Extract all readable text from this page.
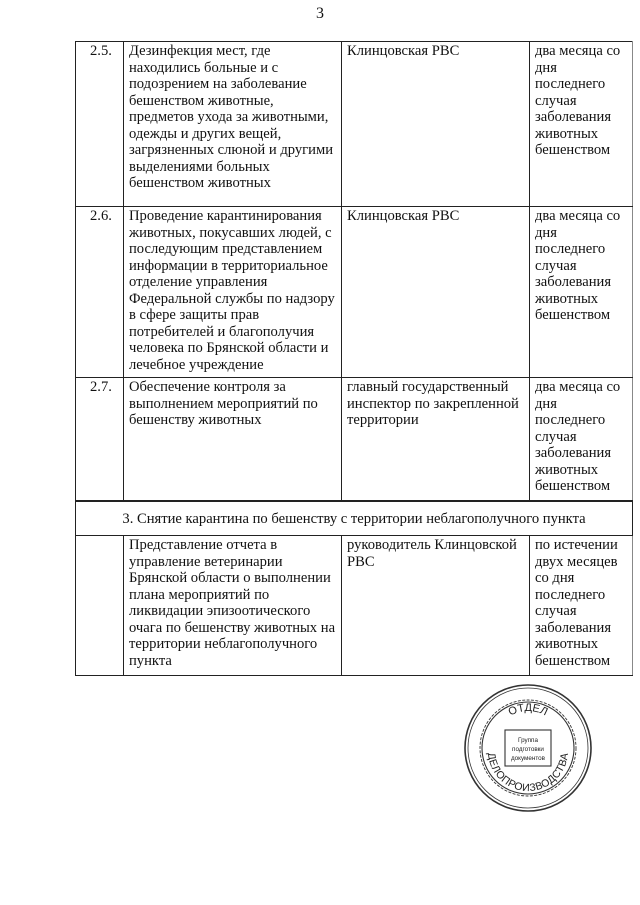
3
2.5.	Дезинфекция мест, где находились больные и с подозрением на заболевание бешенством животные, предметов ухода за животными, одежды и других вещей, загрязненных слюной и другими выделениями больных бешенством животных	Клинцовская РВС	два месяца со дня последнего случая заболевания животных бешенством
2.6.	Проведение карантинирования животных, покусавших людей, с последующим представлением информации в территориальное отделение управления Федеральной службы по надзору в сфере защиты прав потребителей и благополучия человека по Брянской области и лечебное учреждение	Клинцовская РВС	два месяца со дня последнего случая заболевания животных бешенством
2.7.	Обеспечение контроля за выполнением мероприятий по бешенству животных	главный государственный инспектор по закрепленной территории	два месяца со дня последнего случая заболевания животных бешенством
3. Снятие карантина по бешенству с территории неблагополучного пункта			
	Представление отчета в управление ветеринарии Брянской области о выполнении плана мероприятий по ликвидации эпизоотического очага по бешенству животных на территории неблагополучного пункта	руководитель Клинцовской РВС	по истечении двух месяцев со дня последнего случая заболевания животных бешенством
ОТДЕЛ
ДЕЛОПРОИЗВОДСТВА
Группа
подготовки
документов
